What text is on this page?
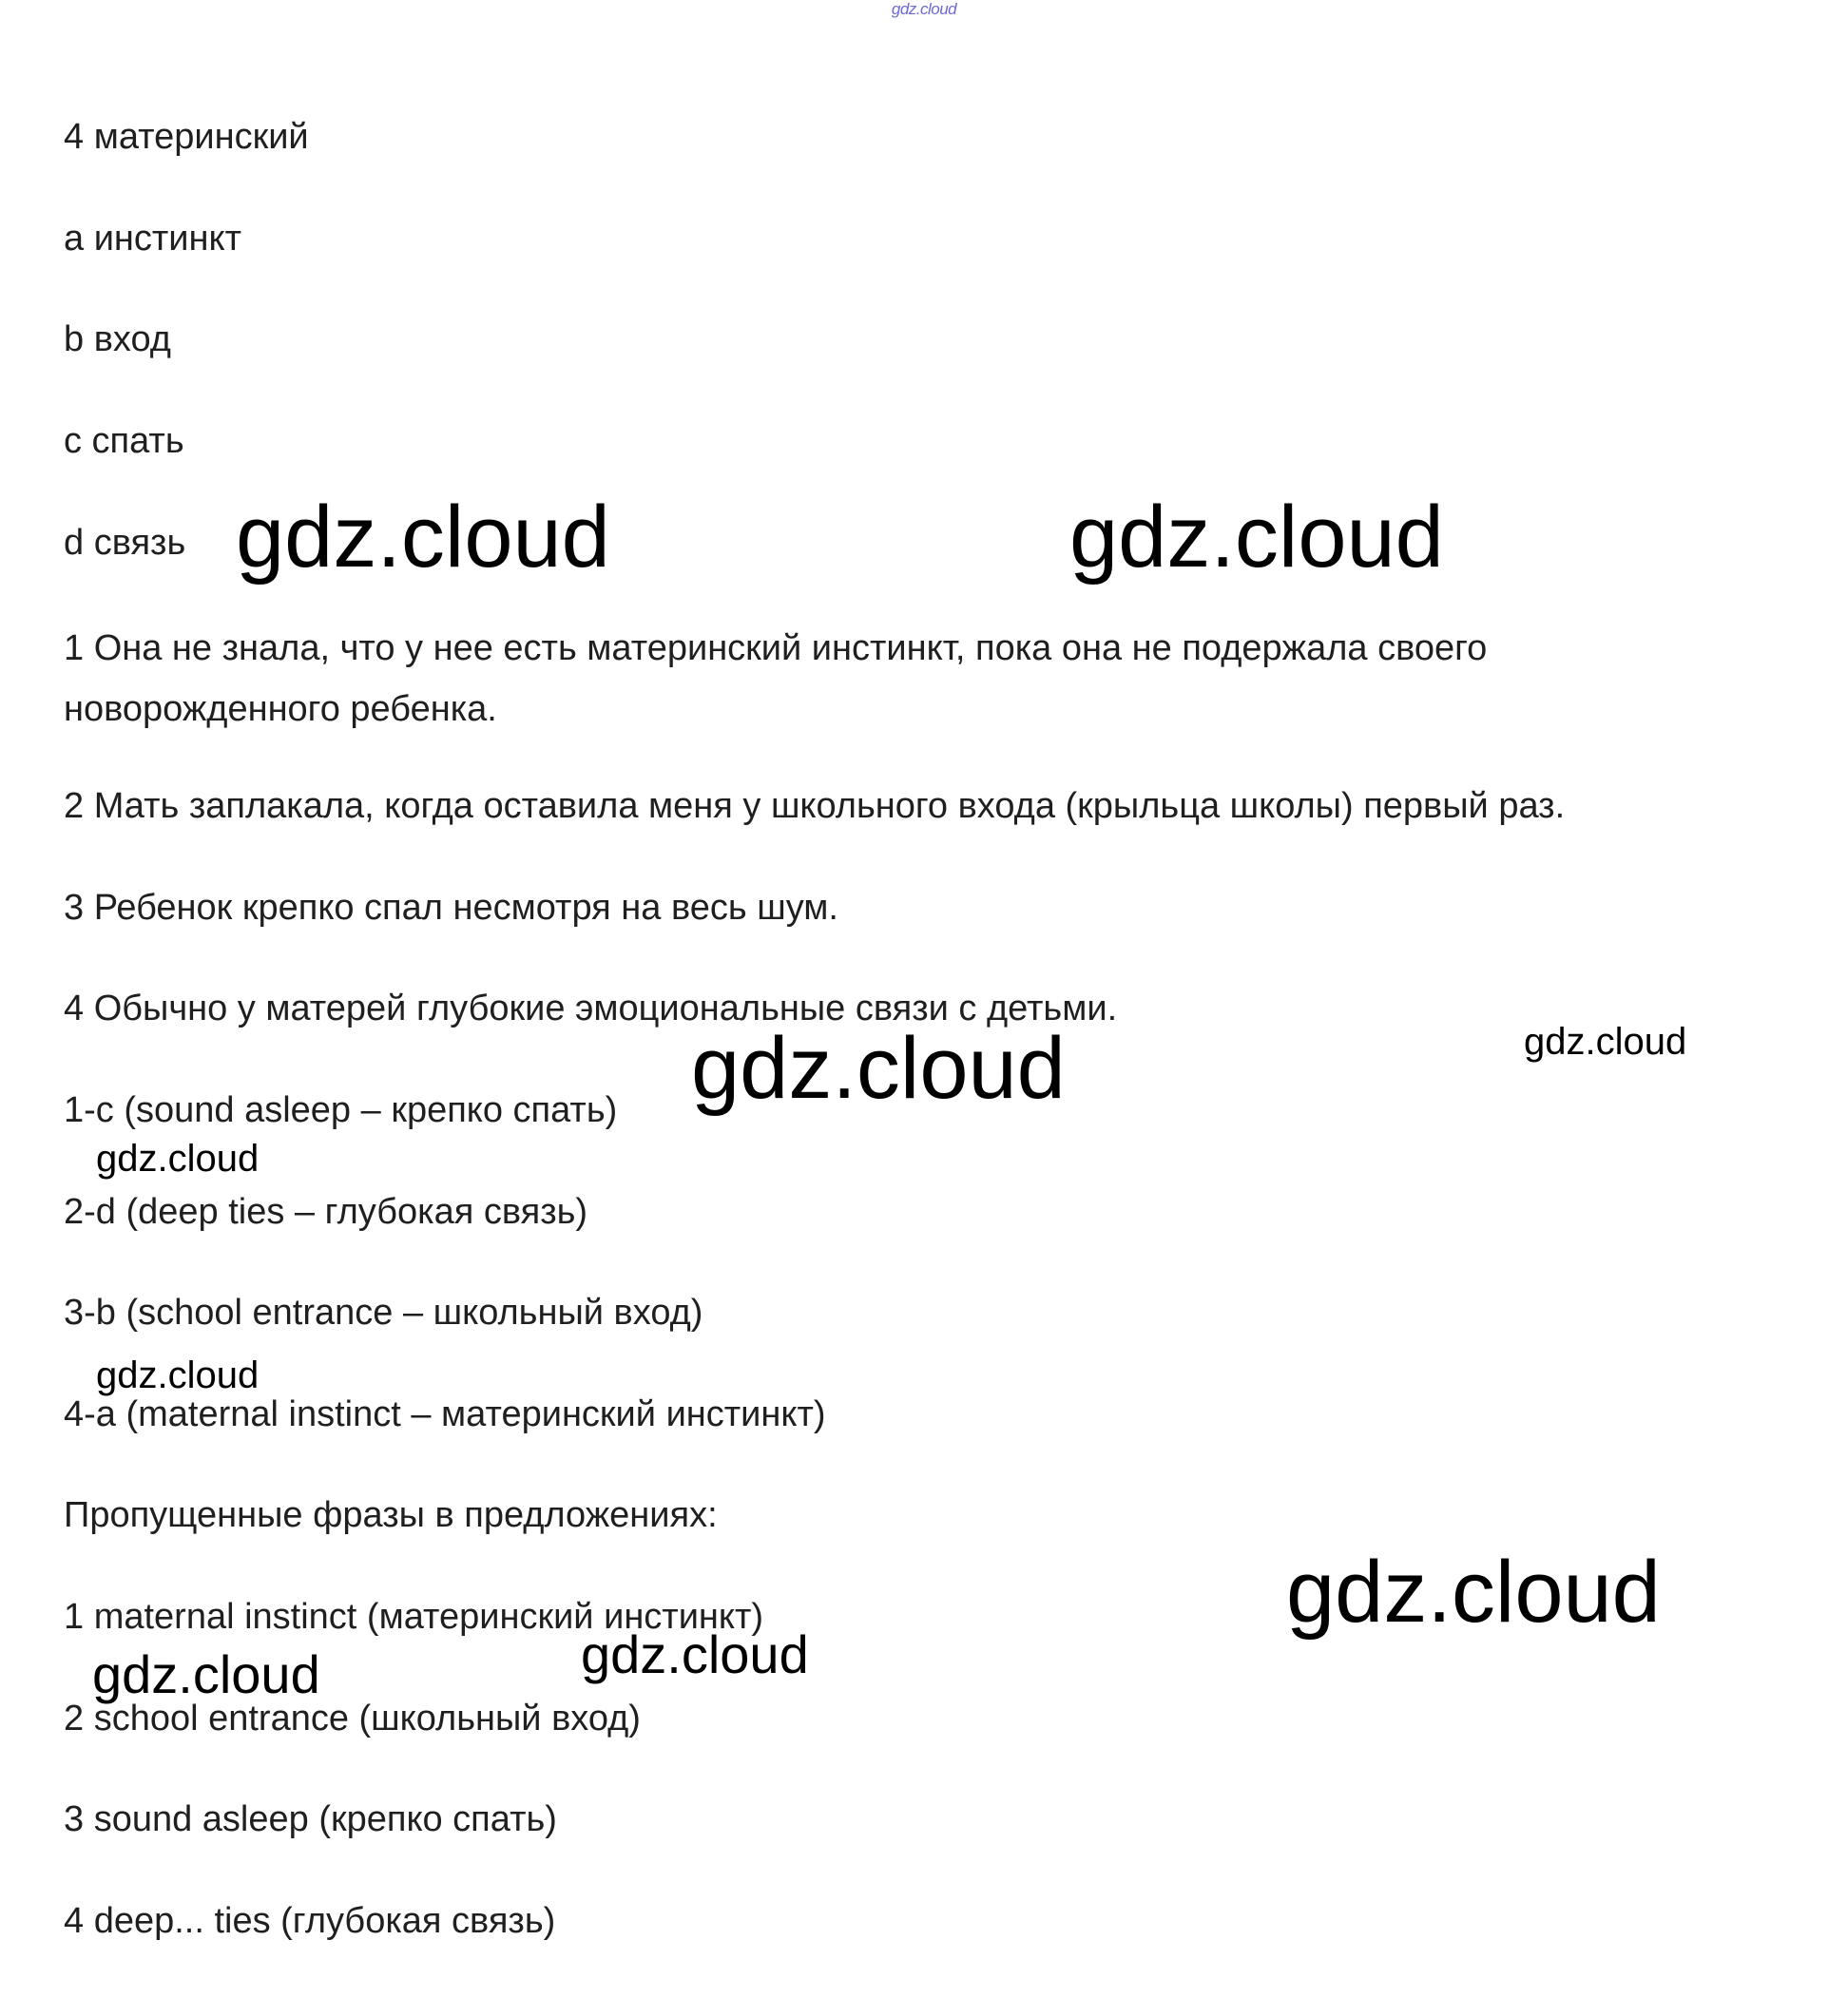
gdz.cloud
4 материнский
a инстинкт
b вход
c спать
d связь
1 Она не знала, что у нее есть материнский инстинкт, пока она не подержала своего новорожденного ребенка.
2 Мать заплакала, когда оставила меня у школьного входа (крыльца школы) первый раз.
3 Ребенок крепко спал несмотря на весь шум.
4 Обычно у матерей глубокие эмоциональные связи с детьми.
1-c (sound asleep – крепко спать)
2-d (deep ties – глубокая связь)
3-b (school entrance – школьный вход)
4-a (maternal instinct – материнский инстинкт)
Пропущенные фразы в предложениях:
1 maternal instinct (материнский инстинкт)
2 school entrance (школьный вход)
3 sound asleep (крепко спать)
4 deep... ties (глубокая связь)
gdz.cloud	gdz.cloud
gdz.cloud	gdz.cloud
gdz.cloud
gdz.cloud
gdz.cloud
gdz.cloud
gdz.cloud
